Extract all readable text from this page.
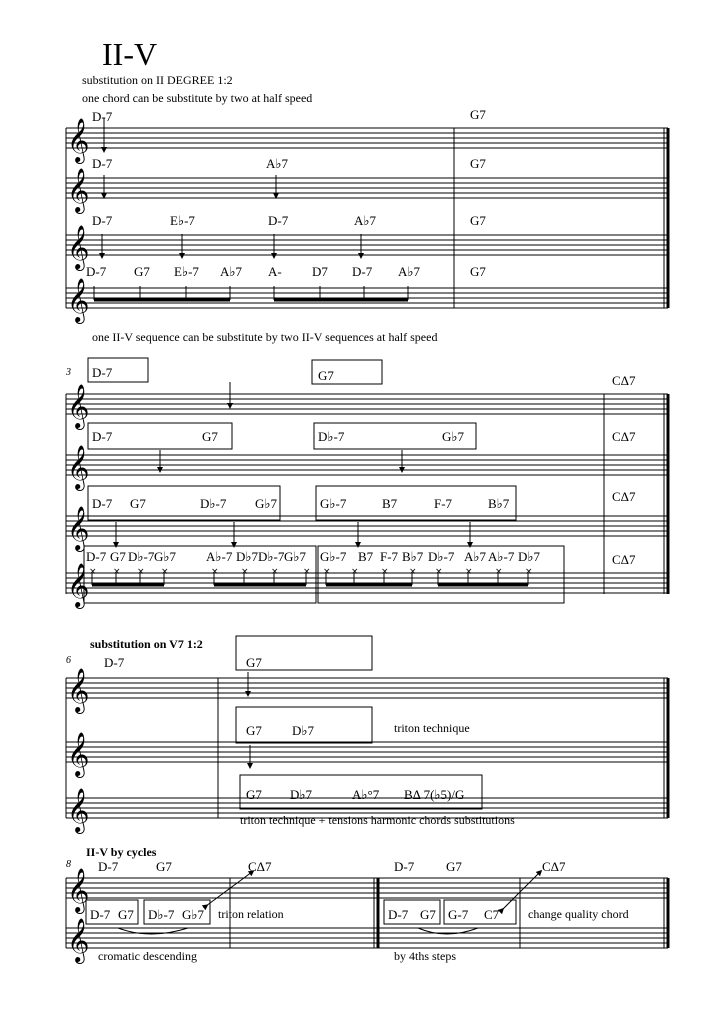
× × × ×	× × ×	× × × × × × × × ×
𝄞
𝄞
𝄞
𝄞
𝄞
𝄞
𝄞
𝄞
𝄞
𝄞
𝄞
𝄞
𝄞
II-V
substitution on II DEGREE 1:2
one chord can be substitute by two at half speed
D-7	G7
D-7	A♭7	G7
D-7	E♭-7	D-7	A♭7	G7
D-7 G7 E♭-7 A♭7 A- D7 D-7 A♭7	G7
one II-V sequence can be substitute by two II-V sequences at half speed
3 D-7	G7	CΔ7
D-7	G7	D♭-7	G♭7	CΔ7
D-7 G7	D♭-7 G♭7	G♭-7	B7	F-7	B♭7	CΔ7
D-7 G7 D♭-7 G♭7 A♭-7 D♭7 D♭-7 G♭7 G♭-7 B7 F-7 B♭7 D♭-7 A♭7 A♭-7 D♭7	CΔ7
substitution on V7 1:2
6	D-7	G7
G7 D♭7	triton technique
G7 D♭7	A♭°7 BΔ 7(♭5)/G
triton technique + tensions harmonic chords substitutions
II-V by cycles
8 D-7	G7	CΔ7
D-7 G7 D♭-7 G♭7 triton relation
cromatic descending
D-7 G7	CΔ7
D-7 G7 G-7 C7 change quality chord
by 4ths steps
